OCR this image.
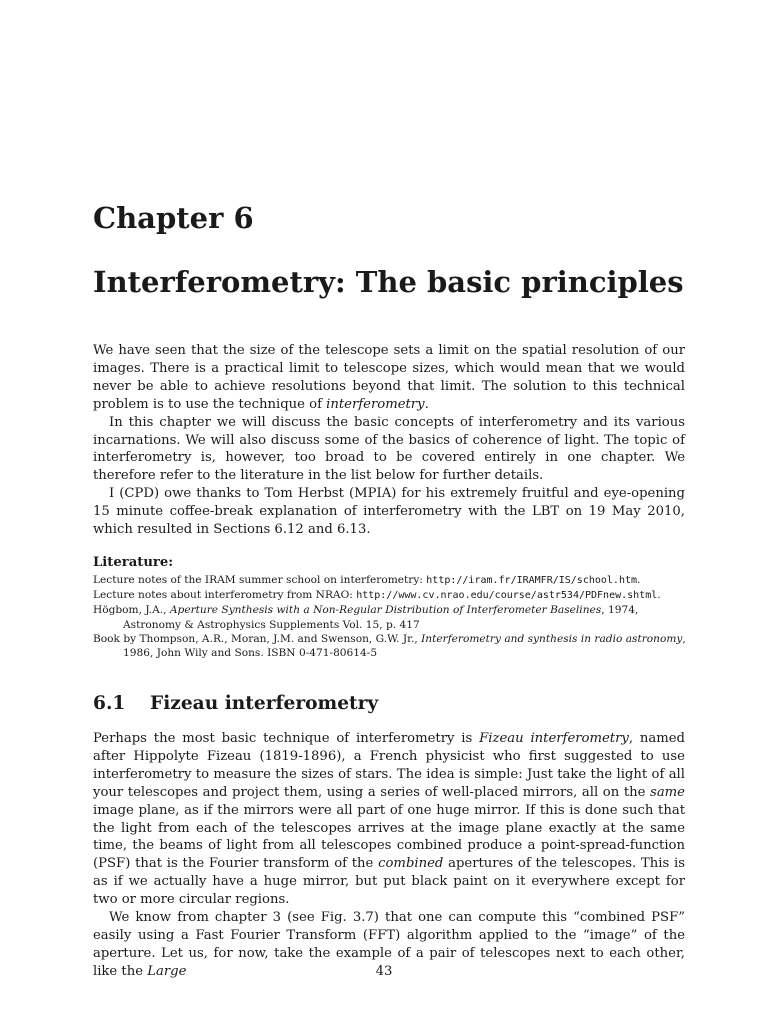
Chapter 6
Interferometry: The basic principles

We have seen that the size of the telescope sets a limit on the spatial resolution of our images. There is a practical limit to telescope sizes, which would mean that we would never be able to achieve resolutions beyond that limit. The solution to this technical problem is to use the technique of interferometry.

In this chapter we will discuss the basic concepts of interferometry and its various incarnations. We will also discuss some of the basics of coherence of light. The topic of interferometry is, however, too broad to be covered entirely in one chapter. We therefore refer to the literature in the list below for further details.

I (CPD) owe thanks to Tom Herbst (MPIA) for his extremely fruitful and eye-opening 15 minute coffee-break explanation of interferometry with the LBT on 19 May 2010, which resulted in Sections 6.12 and 6.13.

Literature:

Lecture notes of the IRAM summer school on interferometry: http://iram.fr/IRAMFR/IS/school.htm.

Lecture notes about interferometry from NRAO: http://www.cv.nrao.edu/course/astr534/PDFnew.shtml.

Högbom, J.A., Aperture Synthesis with a Non-Regular Distribution of Interferometer Baselines, 1974, Astronomy & Astrophysics Supplements Vol. 15, p. 417

Book by Thompson, A.R., Moran, J.M. and Swenson, G.W. Jr., Interferometry and synthesis in radio astronomy, 1986, John Wily and Sons. ISBN 0-471-80614-5

6.1 Fizeau interferometry

Perhaps the most basic technique of interferometry is Fizeau interferometry, named after Hippolyte Fizeau (1819-1896), a French physicist who first suggested to use interferometry to measure the sizes of stars. The idea is simple: Just take the light of all your telescopes and project them, using a series of well-placed mirrors, all on the same image plane, as if the mirrors were all part of one huge mirror. If this is done such that the light from each of the telescopes arrives at the image plane exactly at the same time, the beams of light from all telescopes combined produce a point-spread-function (PSF) that is the Fourier transform of the combined apertures of the telescopes. This is as if we actually have a huge mirror, but put black paint on it everywhere except for two or more circular regions.

We know from chapter 3 (see Fig. 3.7) that one can compute this “combined PSF” easily using a Fast Fourier Transform (FFT) algorithm applied to the “image” of the aperture. Let us, for now, take the example of a pair of telescopes next to each other, like the Large	43
